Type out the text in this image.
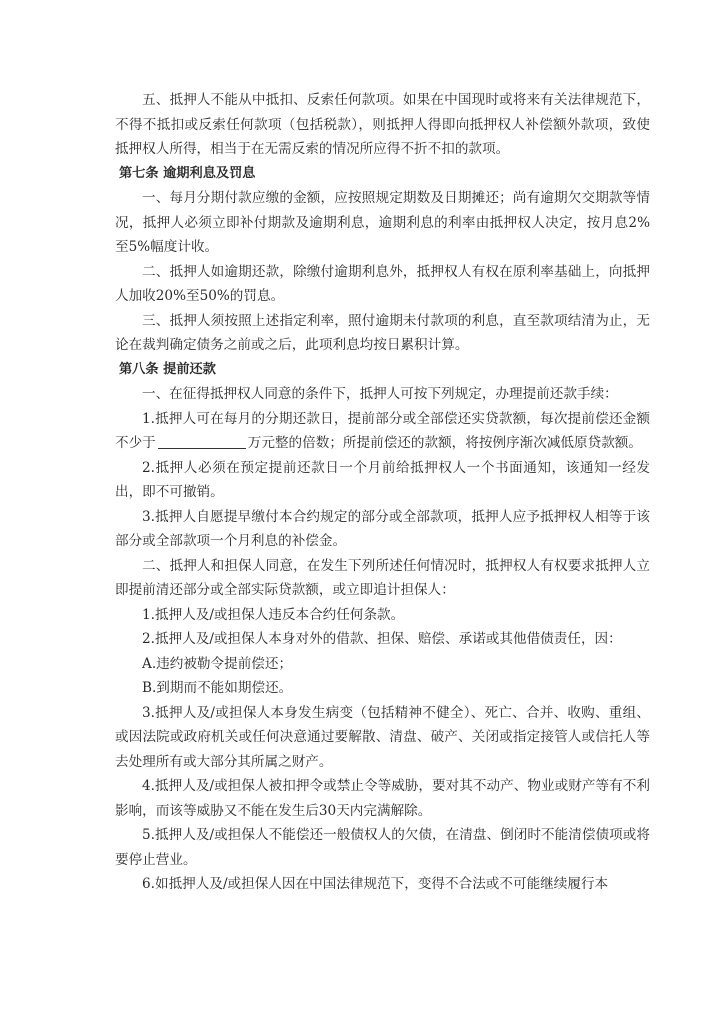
五、抵押人不能从中抵扣、反索任何款项。如果在中国现时或将来有关法律规范下，不得不抵扣或反索任何款项（包括税款），则抵押人得即向抵押权人补偿额外款项，致使抵押权人所得，相当于在无需反索的情况所应得不折不扣的款项。

第七条 逾期利息及罚息

一、每月分期付款应缴的金额，应按照规定期数及日期摊还；尚有逾期欠交期款等情况，抵押人必须立即补付期款及逾期利息，逾期利息的利率由抵押权人决定，按月息2%至5%幅度计收。

二、抵押人如逾期还款，除缴付逾期利息外，抵押权人有权在原利率基础上，向抵押人加收20%至50%的罚息。

三、抵押人须按照上述指定利率，照付逾期未付款项的利息，直至款项结清为止，无论在裁判确定债务之前或之后，此项利息均按日累积计算。

第八条 提前还款

一、在征得抵押权人同意的条件下，抵押人可按下列规定，办理提前还款手续：

1.抵押人可在每月的分期还款日，提前部分或全部偿还实贷款额，每次提前偿还金额不少于	万元整的倍数；所提前偿还的款额，将按例序渐次减低原贷款额。

2.抵押人必须在预定提前还款日一个月前给抵押权人一个书面通知，该通知一经发出，即不可撤销。

3.抵押人自愿提早缴付本合约规定的部分或全部款项，抵押人应予抵押权人相等于该部分或全部款项一个月利息的补偿金。

二、抵押人和担保人同意，在发生下列所述任何情况时，抵押权人有权要求抵押人立即提前清还部分或全部实际贷款额，或立即追计担保人：

1.抵押人及/或担保人违反本合约任何条款。

2.抵押人及/或担保人本身对外的借款、担保、赔偿、承诺或其他借债责任，因：

A.违约被勒令提前偿还；

B.到期而不能如期偿还。

3.抵押人及/或担保人本身发生病变（包括精神不健全）、死亡、合并、收购、重组、或因法院或政府机关或任何决意通过要解散、清盘、破产、关闭或指定接管人或信托人等去处理所有或大部分其所属之财产。

4.抵押人及/或担保人被扣押令或禁止令等威胁，要对其不动产、物业或财产等有不利影响，而该等威胁又不能在发生后30天内完满解除。

5.抵押人及/或担保人不能偿还一般债权人的欠债，在清盘、倒闭时不能清偿债项或将要停止营业。

6.如抵押人及/或担保人因在中国法律规范下，变得不合法或不可能继续履行本
